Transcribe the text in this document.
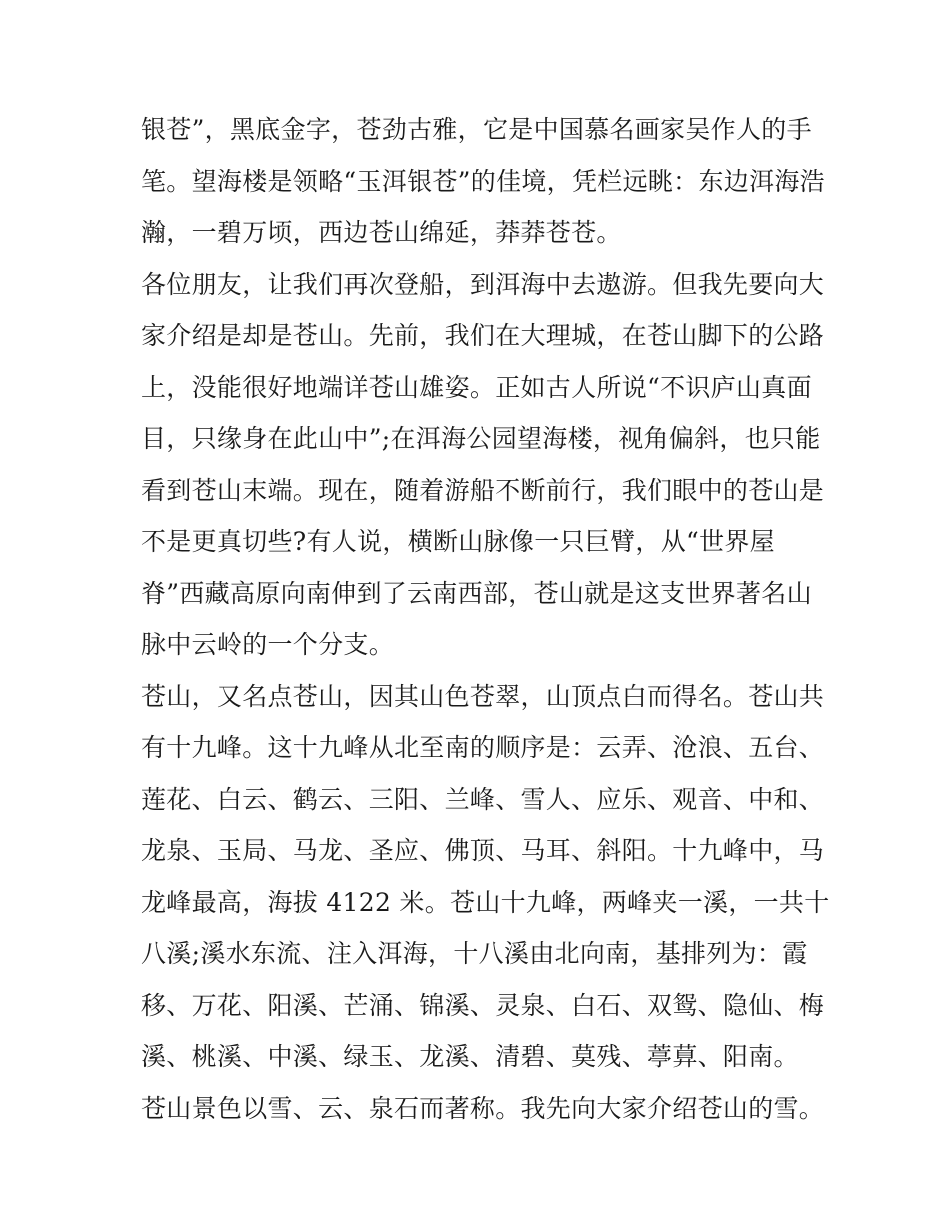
银苍”，黑底金字，苍劲古雅，它是中国慕名画家吴作人的手
笔。望海楼是领略“玉洱银苍”的佳境，凭栏远眺：东边洱海浩
瀚，一碧万顷，西边苍山绵延，莽莽苍苍。
各位朋友，让我们再次登船，到洱海中去遨游。但我先要向大
家介绍是却是苍山。先前，我们在大理城，在苍山脚下的公路
上，没能很好地端详苍山雄姿。正如古人所说“不识庐山真面
目，只缘身在此山中”;在洱海公园望海楼，视角偏斜，也只能
看到苍山末端。现在，随着游船不断前行，我们眼中的苍山是
不是更真切些?有人说，横断山脉像一只巨臂，从“世界屋
脊”西藏高原向南伸到了云南西部，苍山就是这支世界著名山
脉中云岭的一个分支。
苍山，又名点苍山，因其山色苍翠，山顶点白而得名。苍山共
有十九峰。这十九峰从北至南的顺序是：云弄、沧浪、五台、
莲花、白云、鹤云、三阳、兰峰、雪人、应乐、观音、中和、
龙泉、玉局、马龙、圣应、佛顶、马耳、斜阳。十九峰中，马
龙峰最高，海拔 4122 米。苍山十九峰，两峰夹一溪，一共十
八溪;溪水东流、注入洱海，十八溪由北向南，基排列为：霞
移、万花、阳溪、芒涌、锦溪、灵泉、白石、双鸳、隐仙、梅
溪、桃溪、中溪、绿玉、龙溪、清碧、莫残、葶萛、阳南。
苍山景色以雪、云、泉石而著称。我先向大家介绍苍山的雪。
